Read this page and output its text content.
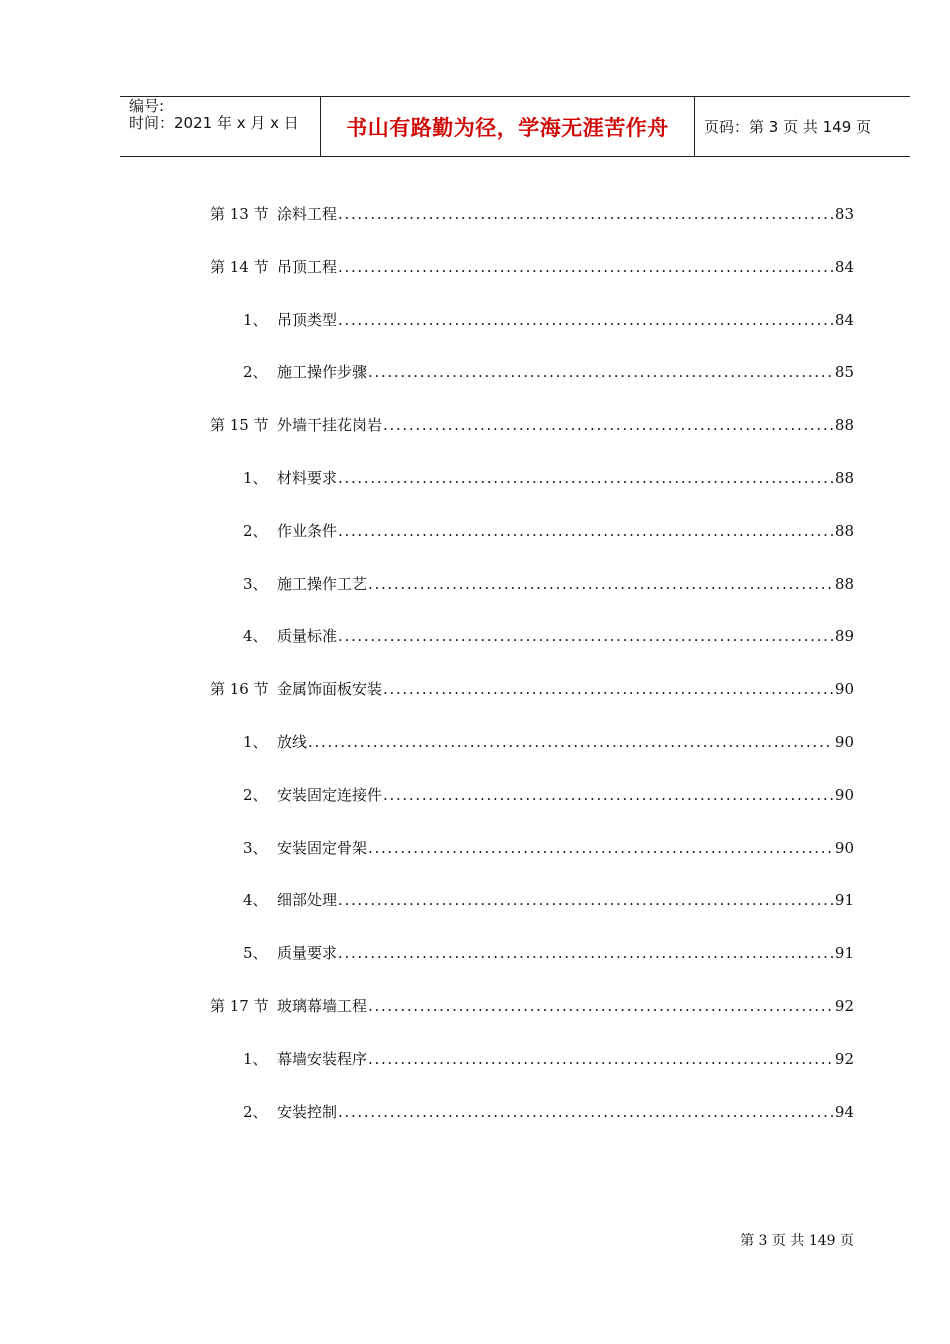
编号:
时间：2021 年 x 月 x 日 书山有路勤为径，学海无涯苦作舟 页码：第 3 页 共 149 页
第 13 节 涂料工程 .....	83
第 14 节 吊顶工程 .....	84
1、 吊顶类型 .....	84
2、 施工操作步骤 .....	85
第 15 节 外墙干挂花岗岩 .....	88
1、 材料要求 .....	88
2、 作业条件 .....	88
3、 施工操作工艺 .....	88
4、 质量标准 .....	89
第 16 节 金属饰面板安装 .....	90
1、 放线 .....	90
2、 安装固定连接件 .....	90
3、 安装固定骨架 .....	90
4、 细部处理 .....	91
5、 质量要求 .....	91
第 17 节 玻璃幕墙工程 .....	92
1、 幕墙安装程序 .....	92
2、 安装控制 .....	94
第 3 页 共 149 页
